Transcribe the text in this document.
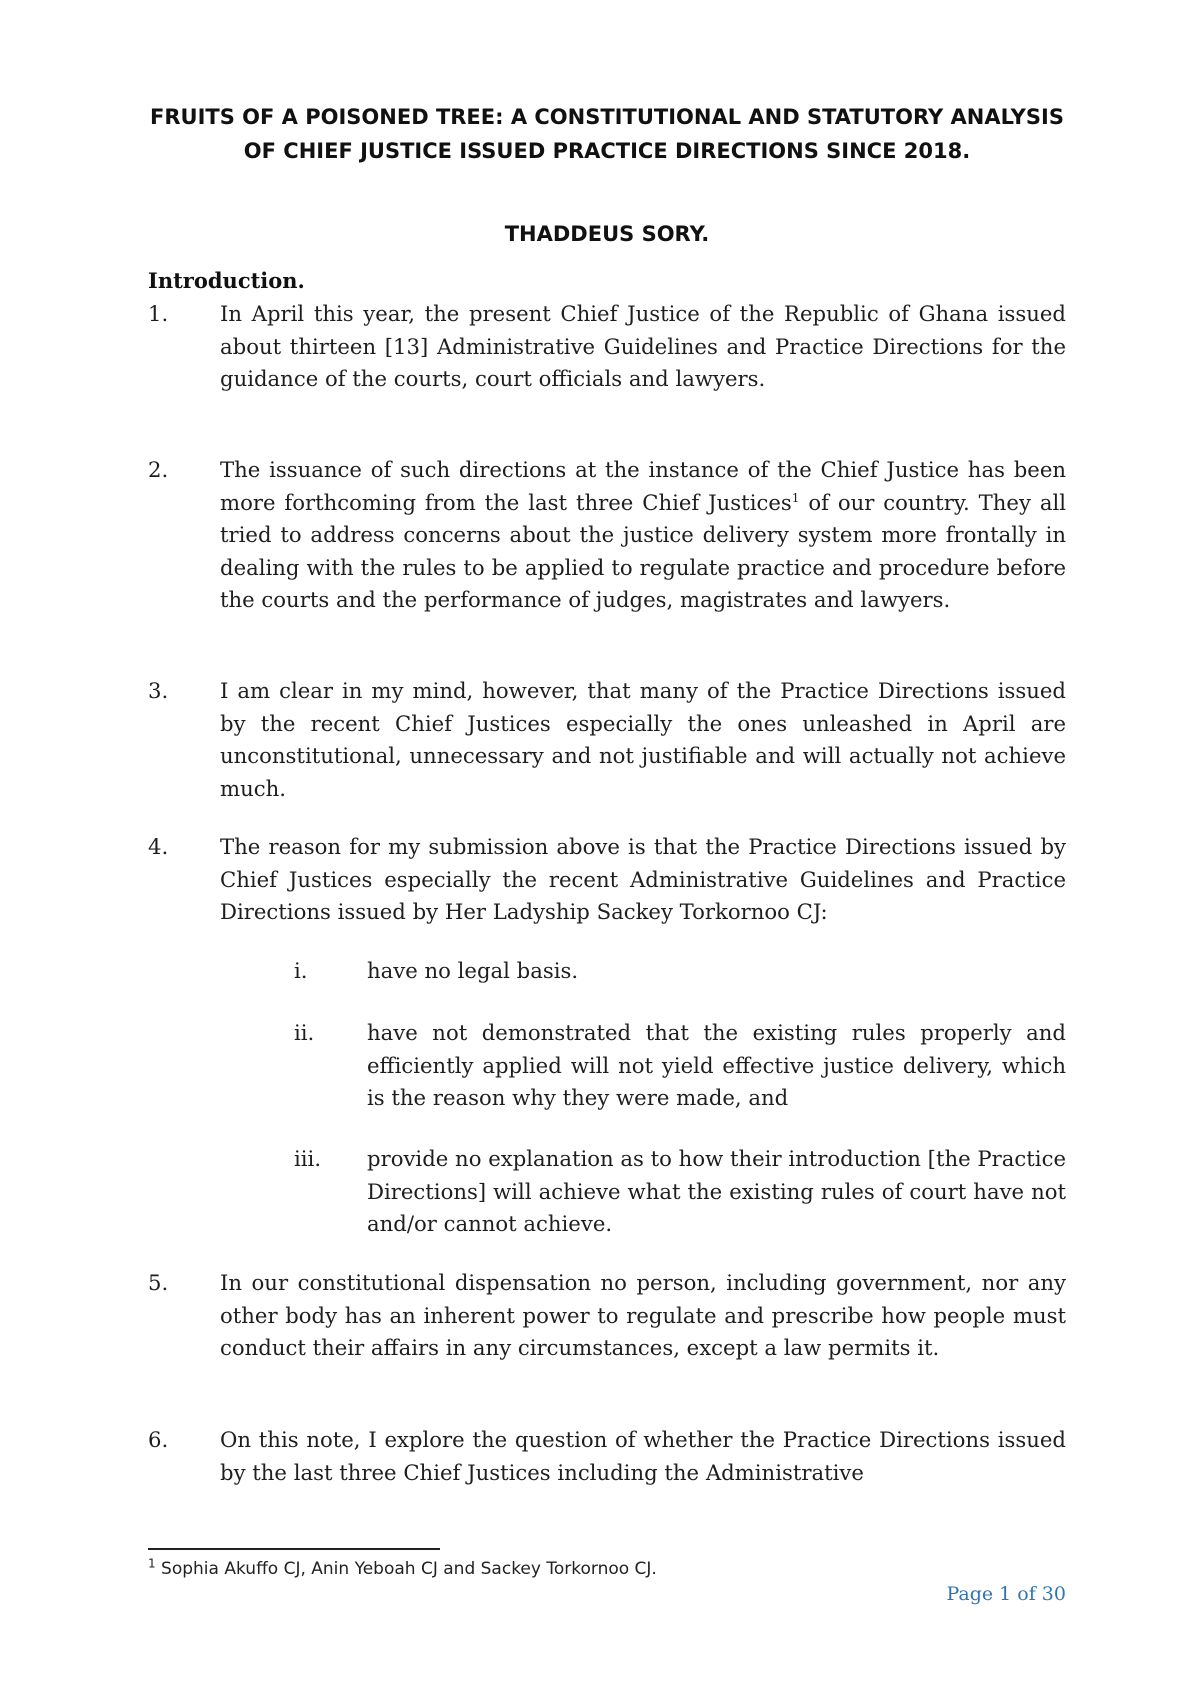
FRUITS OF A POISONED TREE: A CONSTITUTIONAL AND STATUTORY ANALYSIS OF CHIEF JUSTICE ISSUED PRACTICE DIRECTIONS SINCE 2018.
THADDEUS SORY.
Introduction.
1.	In April this year, the present Chief Justice of the Republic of Ghana issued about thirteen [13] Administrative Guidelines and Practice Directions for the guidance of the courts, court officials and lawyers.
2.	The issuance of such directions at the instance of the Chief Justice has been more forthcoming from the last three Chief Justices$^1$ of our country. They all tried to address concerns about the justice delivery system more frontally in dealing with the rules to be applied to regulate practice and procedure before the courts and the performance of judges, magistrates and lawyers.
3.	I am clear in my mind, however, that many of the Practice Directions issued by the recent Chief Justices especially the ones unleashed in April are unconstitutional, unnecessary and not justifiable and will actually not achieve much.
4.	The reason for my submission above is that the Practice Directions issued by Chief Justices especially the recent Administrative Guidelines and Practice Directions issued by Her Ladyship Sackey Torkornoo CJ:
i.	have no legal basis.
ii.	have not demonstrated that the existing rules properly and efficiently applied will not yield effective justice delivery, which is the reason why they were made, and
iii.	provide no explanation as to how their introduction [the Practice Directions] will achieve what the existing rules of court have not and/or cannot achieve.
5.	In our constitutional dispensation no person, including government, nor any other body has an inherent power to regulate and prescribe how people must conduct their affairs in any circumstances, except a law permits it.
6.	On this note, I explore the question of whether the Practice Directions issued by the last three Chief Justices including the Administrative
$^1$ Sophia Akuffo CJ, Anin Yeboah CJ and Sackey Torkornoo CJ.
Page 1 of 30
